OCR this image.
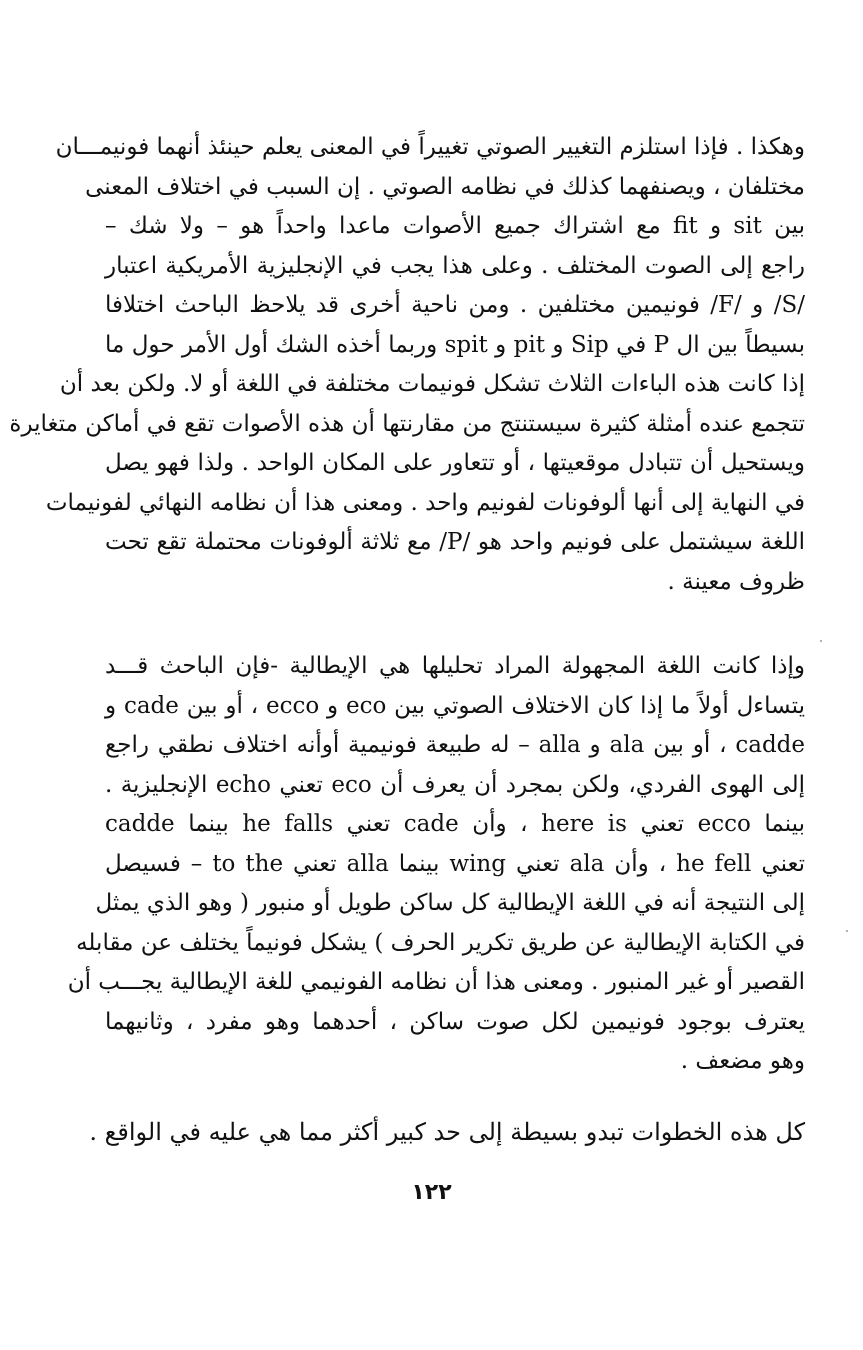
وهكذا . فإذا استلزم التغيير الصوتي تغييراً في المعنى يعلم حينئذ أنهما فونيمـــان
مختلفان ، ويصنفهما كذلك في نظامه الصوتي . إن السبب في اختلاف المعنى
بين sit و fit مع اشتراك جميع الأصوات ماعدا واحداً هو – ولا شك –
راجع إلى الصوت المختلف . وعلى هذا يجب في الإنجليزية الأمريكية اعتبار
/S/ و /F/ فونيمين مختلفين . ومن ناحية أخرى قد يلاحظ الباحث اختلافا
بسيطاً بين ال P في Sip و pit و spit وربما أخذه الشك أول الأمر حول ما
إذا كانت هذه الباءات الثلاث تشكل فونيمات مختلفة في اللغة أو لا. ولكن بعد أن
تتجمع عنده أمثلة كثيرة سيستنتج من مقارنتها أن هذه الأصوات تقع في أماكن متغايرة
ويستحيل أن تتبادل موقعيتها ، أو تتعاور على المكان الواحد . ولذا فهو يصل
في النهاية إلى أنها ألوفونات لفونيم واحد . ومعنى هذا أن نظامه النهائي لفونيمات
اللغة سيشتمل على فونيم واحد هو /P/ مع ثلاثة ألوفونات محتملة تقع تحت
ظروف معينة .
وإذا كانت اللغة المجهولة المراد تحليلها هي الإيطالية -فإن الباحث قـــد
يتساءل أولاً ما إذا كان الاختلاف الصوتي بين eco و ecco ، أو بين cade و
cadde ، أو بين ala و alla – له طبيعة فونيمية أوأنه اختلاف نطقي راجع
إلى الهوى الفردي، ولكن بمجرد أن يعرف أن eco تعني echo الإنجليزية .
بينما ecco تعني here is ، وأن cade تعني he falls بينما cadde
تعني he fell ، وأن ala تعني wing بينما alla تعني to the – فسيصل
إلى النتيجة أنه في اللغة الإيطالية كل ساكن طويل أو منبور ( وهو الذي يمثل
في الكتابة الإيطالية عن طريق تكرير الحرف ) يشكل فونيماً يختلف عن مقابله
القصير أو غير المنبور . ومعنى هذا أن نظامه الفونيمي للغة الإيطالية يجـــب أن
يعترف بوجود فونيمين لكل صوت ساكن ، أحدهما وهو مفرد ، وثانيهما
وهو مضعف .
كل هذه الخطوات تبدو بسيطة إلى حد كبير أكثر مما هي عليه في الواقع .
١٢٢
